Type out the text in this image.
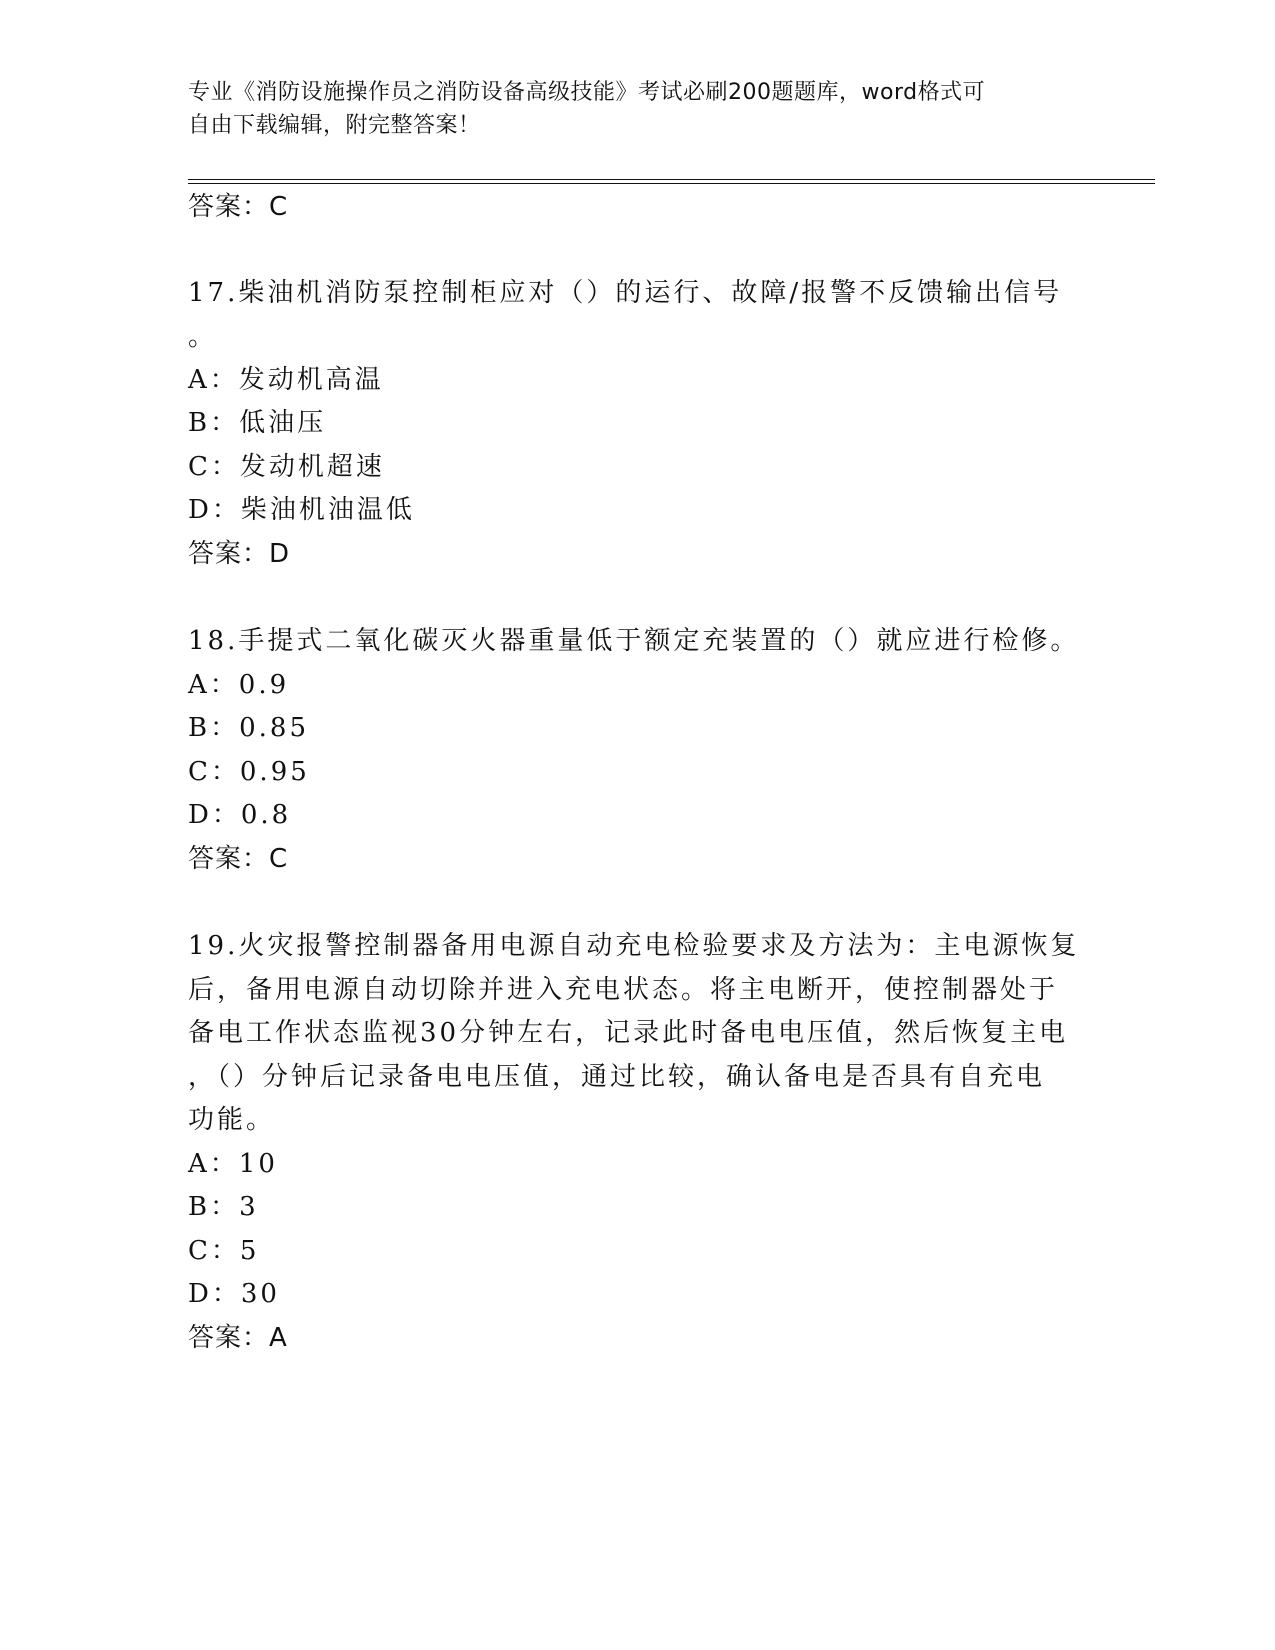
专业《消防设施操作员之消防设备高级技能》考试必刷200题题库，word格式可
自由下载编辑，附完整答案！
答案：C
17.柴油机消防泵控制柜应对（）的运行、故障/报警不反馈输出信号
。
A：发动机高温
B：低油压
C：发动机超速
D：柴油机油温低
答案：D
18.手提式二氧化碳灭火器重量低于额定充装置的（）就应进行检修。
A：0.9
B：0.85
C：0.95
D：0.8
答案：C
19.火灾报警控制器备用电源自动充电检验要求及方法为：主电源恢复
后，备用电源自动切除并进入充电状态。将主电断开，使控制器处于
备电工作状态监视30分钟左右，记录此时备电电压值，然后恢复主电
，（）分钟后记录备电电压值，通过比较，确认备电是否具有自充电
功能。
A：10
B：3
C：5
D：30
答案：A
